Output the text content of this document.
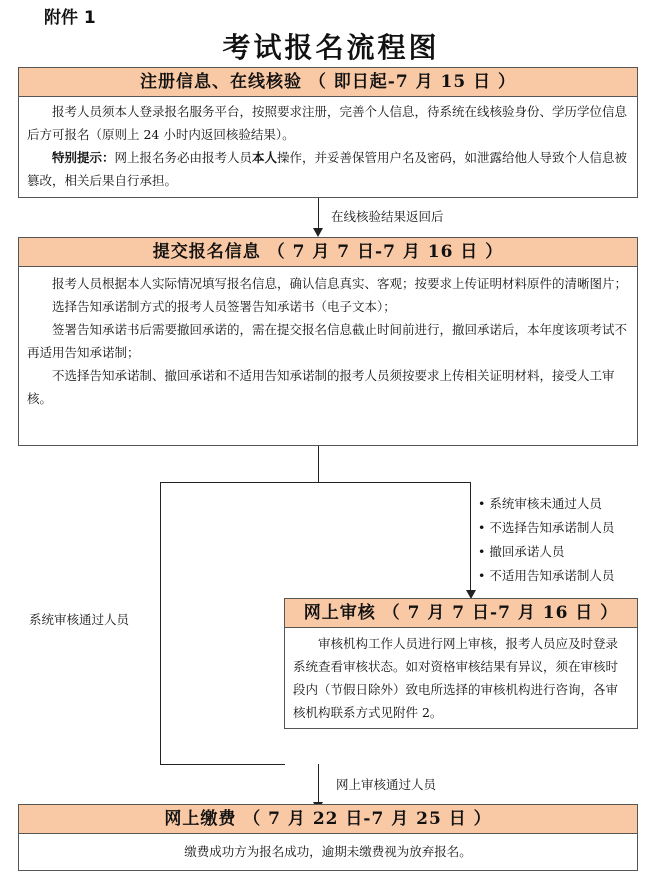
附件 1
考试报名流程图
注册信息、在线核验 （ 即日起-7 月 15 日 ）

报考人员须本人登录报名服务平台，按照要求注册，完善个人信息，待系统在线核验身份、学历学位信息后方可报名（原则上 24 小时内返回核验结果）。

特别提示：网上报名务必由报考人员本人操作，并妥善保管用户名及密码，如泄露给他人导致个人信息被篡改，相关后果自行承担。

在线核验结果返回后
提交报名信息 （ 7 月 7 日-7 月 16 日 ）

报考人员根据本人实际情况填写报名信息，确认信息真实、客观；按要求上传证明材料原件的清晰图片；

选择告知承诺制方式的报考人员签署告知承诺书（电子文本）；

签署告知承诺书后需要撤回承诺的，需在提交报名信息截止时间前进行，撤回承诺后，本年度该项考试不再适用告知承诺制；

不选择告知承诺制、撤回承诺和不适用告知承诺制的报考人员须按要求上传相关证明材料，接受人工审核。

系统审核通过人员
• 系统审核未通过人员
• 不选择告知承诺制人员
• 撤回承诺人员
• 不适用告知承诺制人员
网上审核 （ 7 月 7 日-7 月 16 日 ）

审核机构工作人员进行网上审核，报考人员应及时登录系统查看审核状态。如对资格审核结果有异议，须在审核时段内（节假日除外）致电所选择的审核机构进行咨询，各审核机构联系方式见附件 2。

网上审核通过人员
网上缴费 （ 7 月 22 日-7 月 25 日 ）
缴费成功方为报名成功，逾期未缴费视为放弃报名。
